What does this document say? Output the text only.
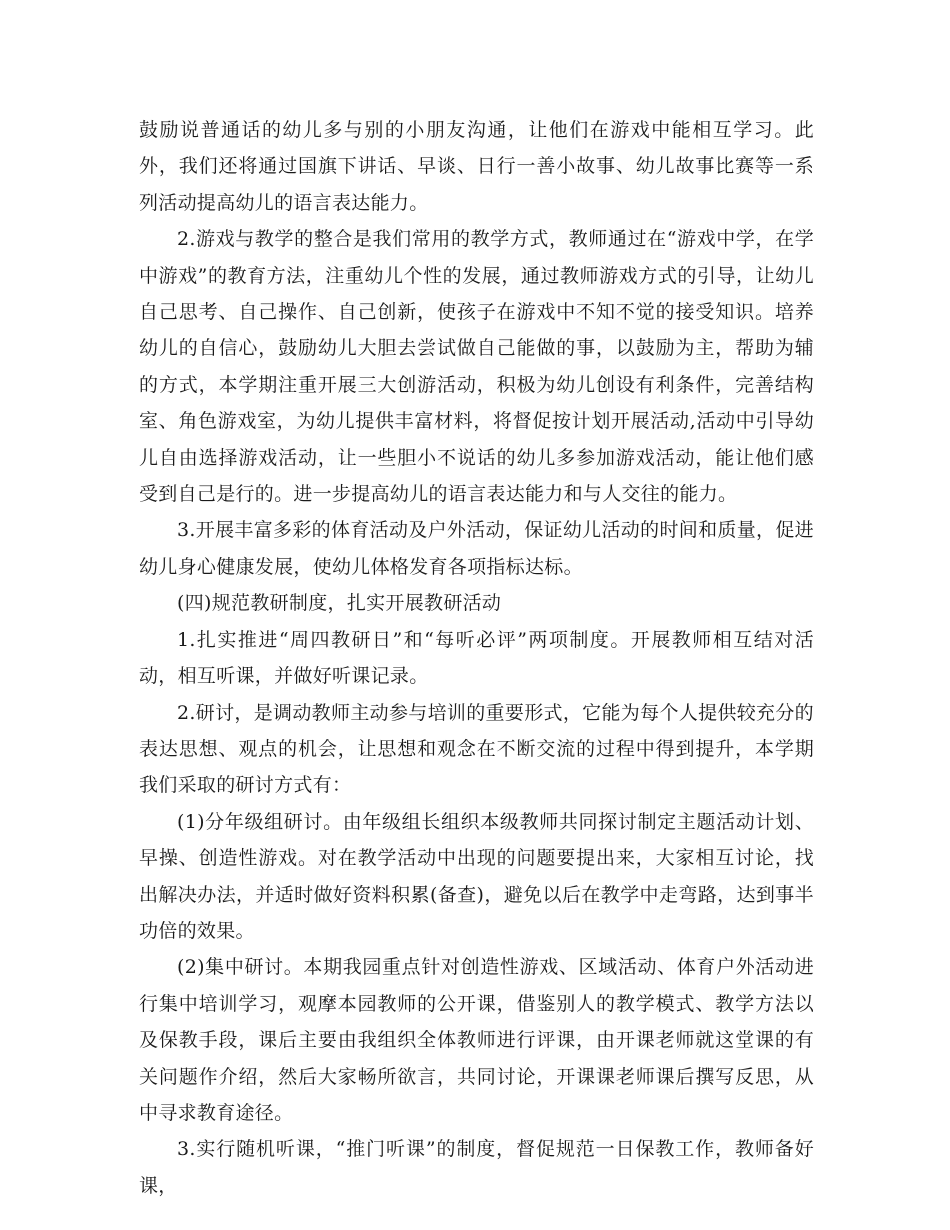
鼓励说普通话的幼儿多与别的小朋友沟通，让他们在游戏中能相互学习。此外，我们还将通过国旗下讲话、早谈、日行一善小故事、幼儿故事比赛等一系列活动提高幼儿的语言表达能力。

2.游戏与教学的整合是我们常用的教学方式，教师通过在“游戏中学，在学中游戏”的教育方法，注重幼儿个性的发展，通过教师游戏方式的引导，让幼儿自己思考、自己操作、自己创新，使孩子在游戏中不知不觉的接受知识。培养幼儿的自信心，鼓励幼儿大胆去尝试做自己能做的事，以鼓励为主，帮助为辅的方式，本学期注重开展三大创游活动，积极为幼儿创设有利条件，完善结构室、角色游戏室，为幼儿提供丰富材料，将督促按计划开展活动,活动中引导幼儿自由选择游戏活动，让一些胆小不说话的幼儿多参加游戏活动，能让他们感受到自己是行的。进一步提高幼儿的语言表达能力和与人交往的能力。

3.开展丰富多彩的体育活动及户外活动，保证幼儿活动的时间和质量，促进幼儿身心健康发展，使幼儿体格发育各项指标达标。

(四)规范教研制度，扎实开展教研活动

1.扎实推进“周四教研日”和“每听必评”两项制度。开展教师相互结对活动，相互听课，并做好听课记录。

2.研讨，是调动教师主动参与培训的重要形式，它能为每个人提供较充分的表达思想、观点的机会，让思想和观念在不断交流的过程中得到提升，本学期我们采取的研讨方式有：

(1)分年级组研讨。由年级组长组织本级教师共同探讨制定主题活动计划、早操、创造性游戏。对在教学活动中出现的问题要提出来，大家相互讨论，找出解决办法，并适时做好资料积累(备查)，避免以后在教学中走弯路，达到事半功倍的效果。

(2)集中研讨。本期我园重点针对创造性游戏、区域活动、体育户外活动进行集中培训学习，观摩本园教师的公开课，借鉴别人的教学模式、教学方法以及保教手段，课后主要由我组织全体教师进行评课，由开课老师就这堂课的有关问题作介绍，然后大家畅所欲言，共同讨论，开课课老师课后撰写反思，从中寻求教育途径。

3.实行随机听课，“推门听课”的制度，督促规范一日保教工作，教师备好课，
